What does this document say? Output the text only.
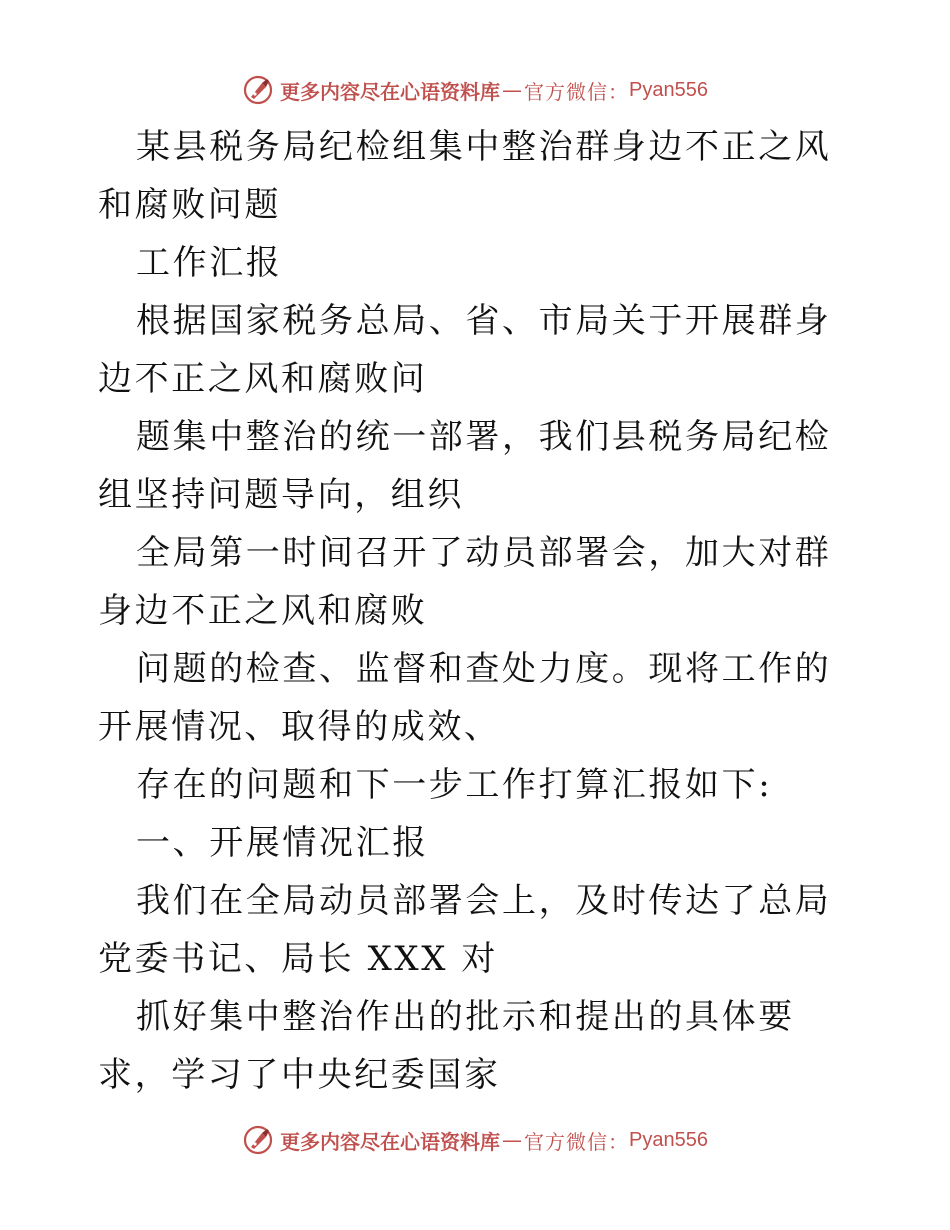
更多内容尽在心语资料库 — 官方微信： Pyan556

某县税务局纪检组集中整治群身边不正之风和腐败问题

工作汇报

根据国家税务总局、省、市局关于开展群身边不正之风和腐败问

题集中整治的统一部署，我们县税务局纪检组坚持问题导向，组织

全局第一时间召开了动员部署会，加大对群身边不正之风和腐败

问题的检查、监督和查处力度。现将工作的开展情况、取得的成效、

存在的问题和下一步工作打算汇报如下:

一、开展情况汇报

我们在全局动员部署会上，及时传达了总局党委书记、局长 XXX 对

抓好集中整治作出的批示和提出的具体要求，学习了中央纪委国家

更多内容尽在心语资料库 — 官方微信： Pyan556
